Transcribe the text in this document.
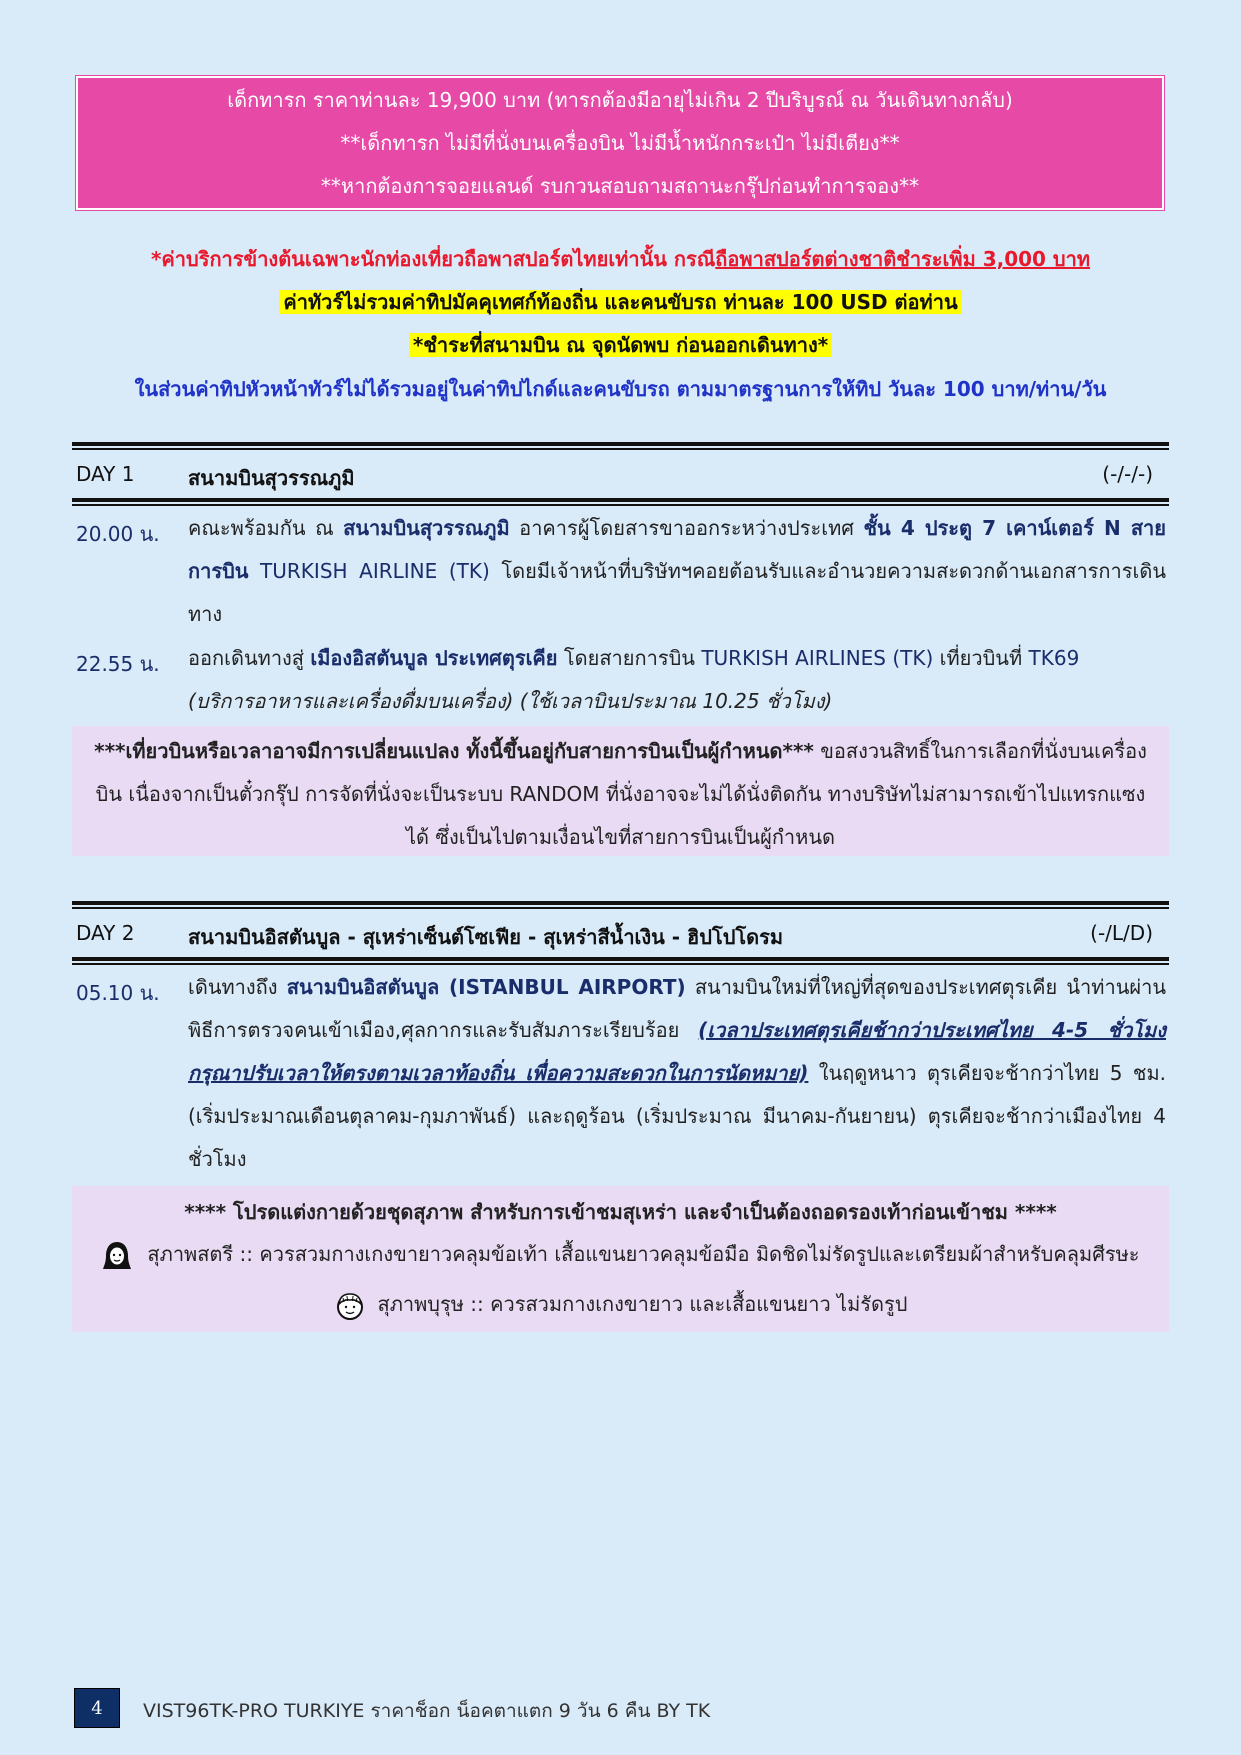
เด็กทารก ราคาท่านละ 19,900 บาท (ทารกต้องมีอายุไม่เกิน 2 ปีบริบูรณ์ ณ วันเดินทางกลับ)
**เด็กทารก ไม่มีที่นั่งบนเครื่องบิน ไม่มีน้ำหนักกระเป๋า ไม่มีเตียง**
**หากต้องการจอยแลนด์ รบกวนสอบถามสถานะกรุ๊ปก่อนทำการจอง**
*ค่าบริการข้างต้นเฉพาะนักท่องเที่ยวถือพาสปอร์ตไทยเท่านั้น กรณีถือพาสปอร์ตต่างชาติชำระเพิ่ม 3,000 บาท
ค่าทัวร์ไม่รวมค่าทิปมัคคุเทศก์ท้องถิ่น และคนขับรถ ท่านละ 100 USD ต่อท่าน
*ชำระที่สนามบิน ณ จุดนัดพบ ก่อนออกเดินทาง*
ในส่วนค่าทิปหัวหน้าทัวร์ไม่ได้รวมอยู่ในค่าทิปไกด์และคนขับรถ ตามมาตรฐานการให้ทิป วันละ 100 บาท/ท่าน/วัน
DAY 1	สนามบินสุวรรณภูมิ	(-/-/-)
20.00 น. คณะพร้อมกัน ณ สนามบินสุวรรณภูมิ อาคารผู้โดยสารขาออกระหว่างประเทศ ชั้น 4 ประตู 7 เคาน์เตอร์ N สายการบิน TURKISH AIRLINE (TK) โดยมีเจ้าหน้าที่บริษัทฯคอยต้อนรับและอำนวยความสะดวกด้านเอกสารการเดินทาง
22.55 น. ออกเดินทางสู่ เมืองอิสตันบูล ประเทศตุรเคีย โดยสายการบิน TURKISH AIRLINES (TK) เที่ยวบินที่ TK69
(บริการอาหารและเครื่องดื่มบนเครื่อง) (ใช้เวลาบินประมาณ 10.25 ชั่วโมง)
***เที่ยวบินหรือเวลาอาจมีการเปลี่ยนแปลง ทั้งนี้ขึ้นอยู่กับสายการบินเป็นผู้กำหนด*** ขอสงวนสิทธิ์ในการเลือกที่นั่งบนเครื่องบิน เนื่องจากเป็นตั๋วกรุ๊ป การจัดที่นั่งจะเป็นระบบ RANDOM ที่นั่งอาจจะไม่ได้นั่งติดกัน ทางบริษัทไม่สามารถเข้าไปแทรกแซงได้ ซึ่งเป็นไปตามเงื่อนไขที่สายการบินเป็นผู้กำหนด
DAY 2	สนามบินอิสตันบูล - สุเหร่าเซ็นต์โซเฟีย - สุเหร่าสีน้ำเงิน - ฮิปโปโดรม	(-/L/D)
05.10 น. เดินทางถึง สนามบินอิสตันบูล (ISTANBUL AIRPORT) สนามบินใหม่ที่ใหญ่ที่สุดของประเทศตุรเคีย นำท่านผ่านพิธีการตรวจคนเข้าเมือง,ศุลกากรและรับสัมภาระเรียบร้อย (เวลาประเทศตุรเคียช้ากว่าประเทศไทย 4-5 ชั่วโมง กรุณาปรับเวลาให้ตรงตามเวลาท้องถิ่น เพื่อความสะดวกในการนัดหมาย) ในฤดูหนาว ตุรเคียจะช้ากว่าไทย 5 ชม. (เริ่มประมาณเดือนตุลาคม-กุมภาพันธ์) และฤดูร้อน (เริ่มประมาณ มีนาคม-กันยายน) ตุรเคียจะช้ากว่าเมืองไทย 4 ชั่วโมง
**** โปรดแต่งกายด้วยชุดสุภาพ สำหรับการเข้าชมสุเหร่า และจำเป็นต้องถอดรองเท้าก่อนเข้าชม ****
สุภาพสตรี :: ควรสวมกางเกงขายาวคลุมข้อเท้า เสื้อแขนยาวคลุมข้อมือ มิดชิดไม่รัดรูปและเตรียมผ้าสำหรับคลุมศีรษะ
สุภาพบุรุษ :: ควรสวมกางเกงขายาว และเสื้อแขนยาว ไม่รัดรูป
4	VIST96TK-PRO TURKIYE ราคาช็อก น็อคตาแตก 9 วัน 6 คืน BY TK
